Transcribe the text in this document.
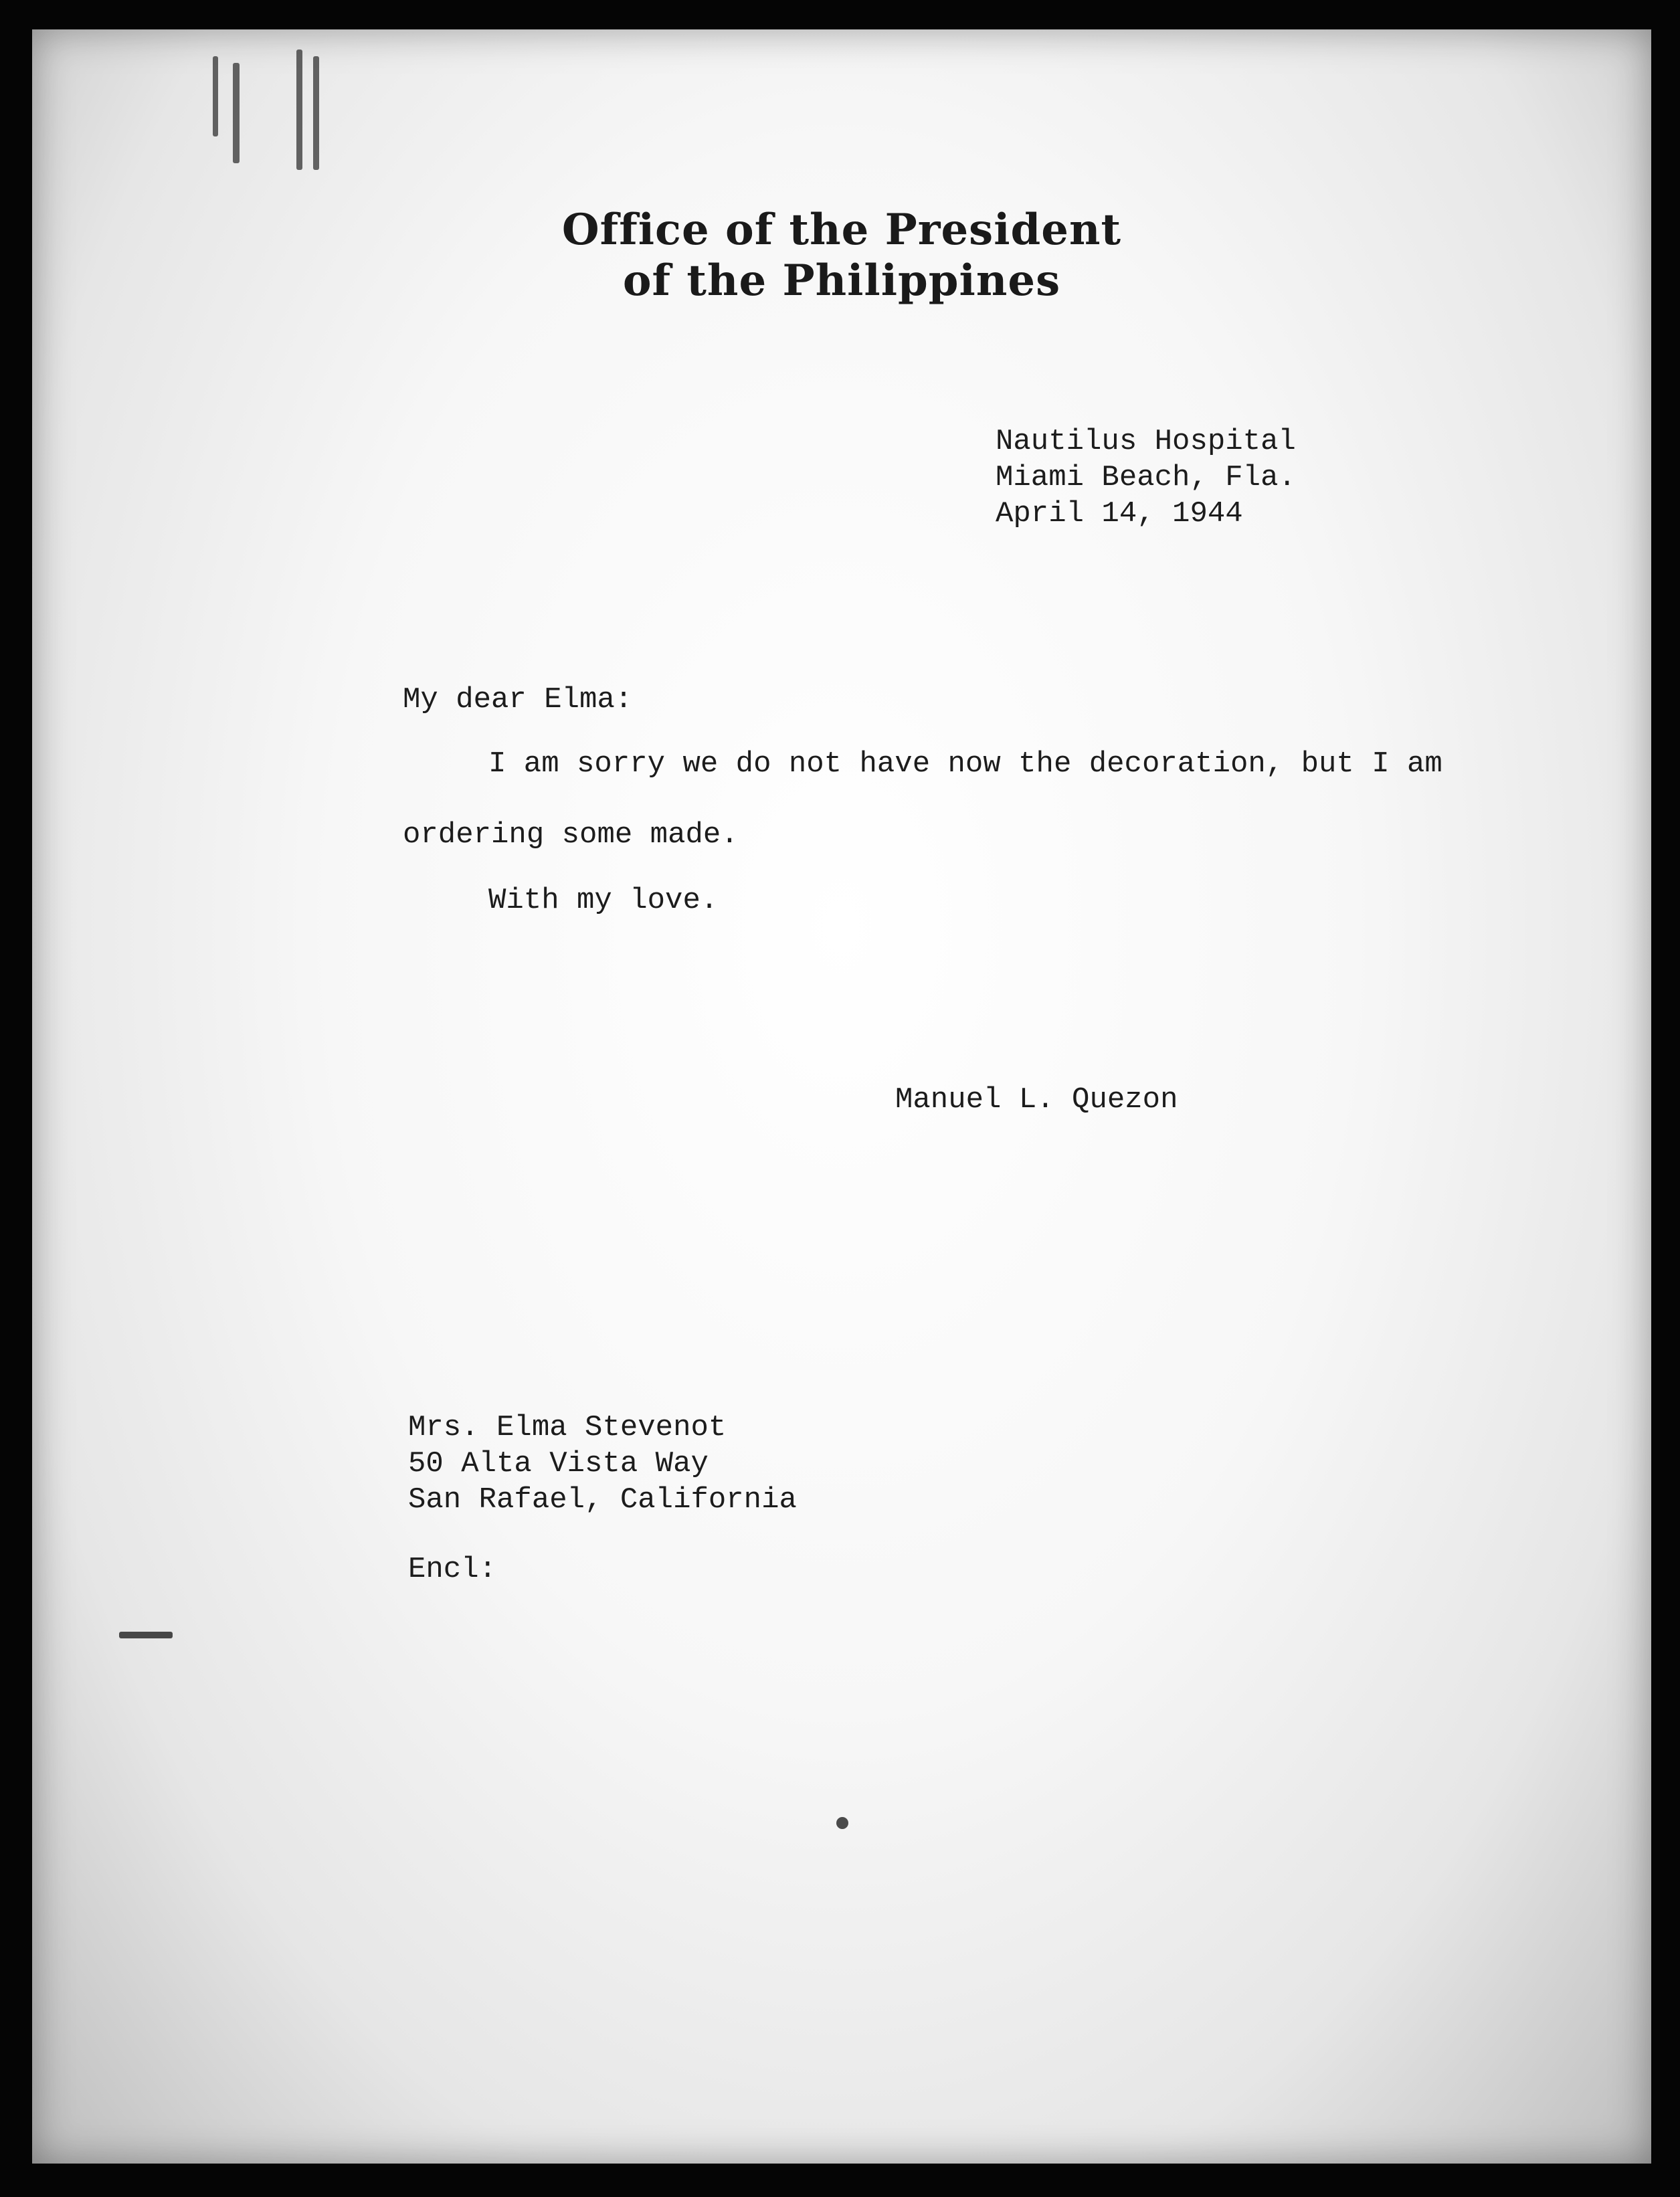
Office of the President
of the Philippines
Nautilus Hospital
Miami Beach, Fla.
April 14, 1944
My dear Elma:
I am sorry we do not have now the decoration, but I am
ordering some made.
With my love.
Manuel L. Quezon
Mrs. Elma Stevenot
50 Alta Vista Way
San Rafael, California
Encl:
